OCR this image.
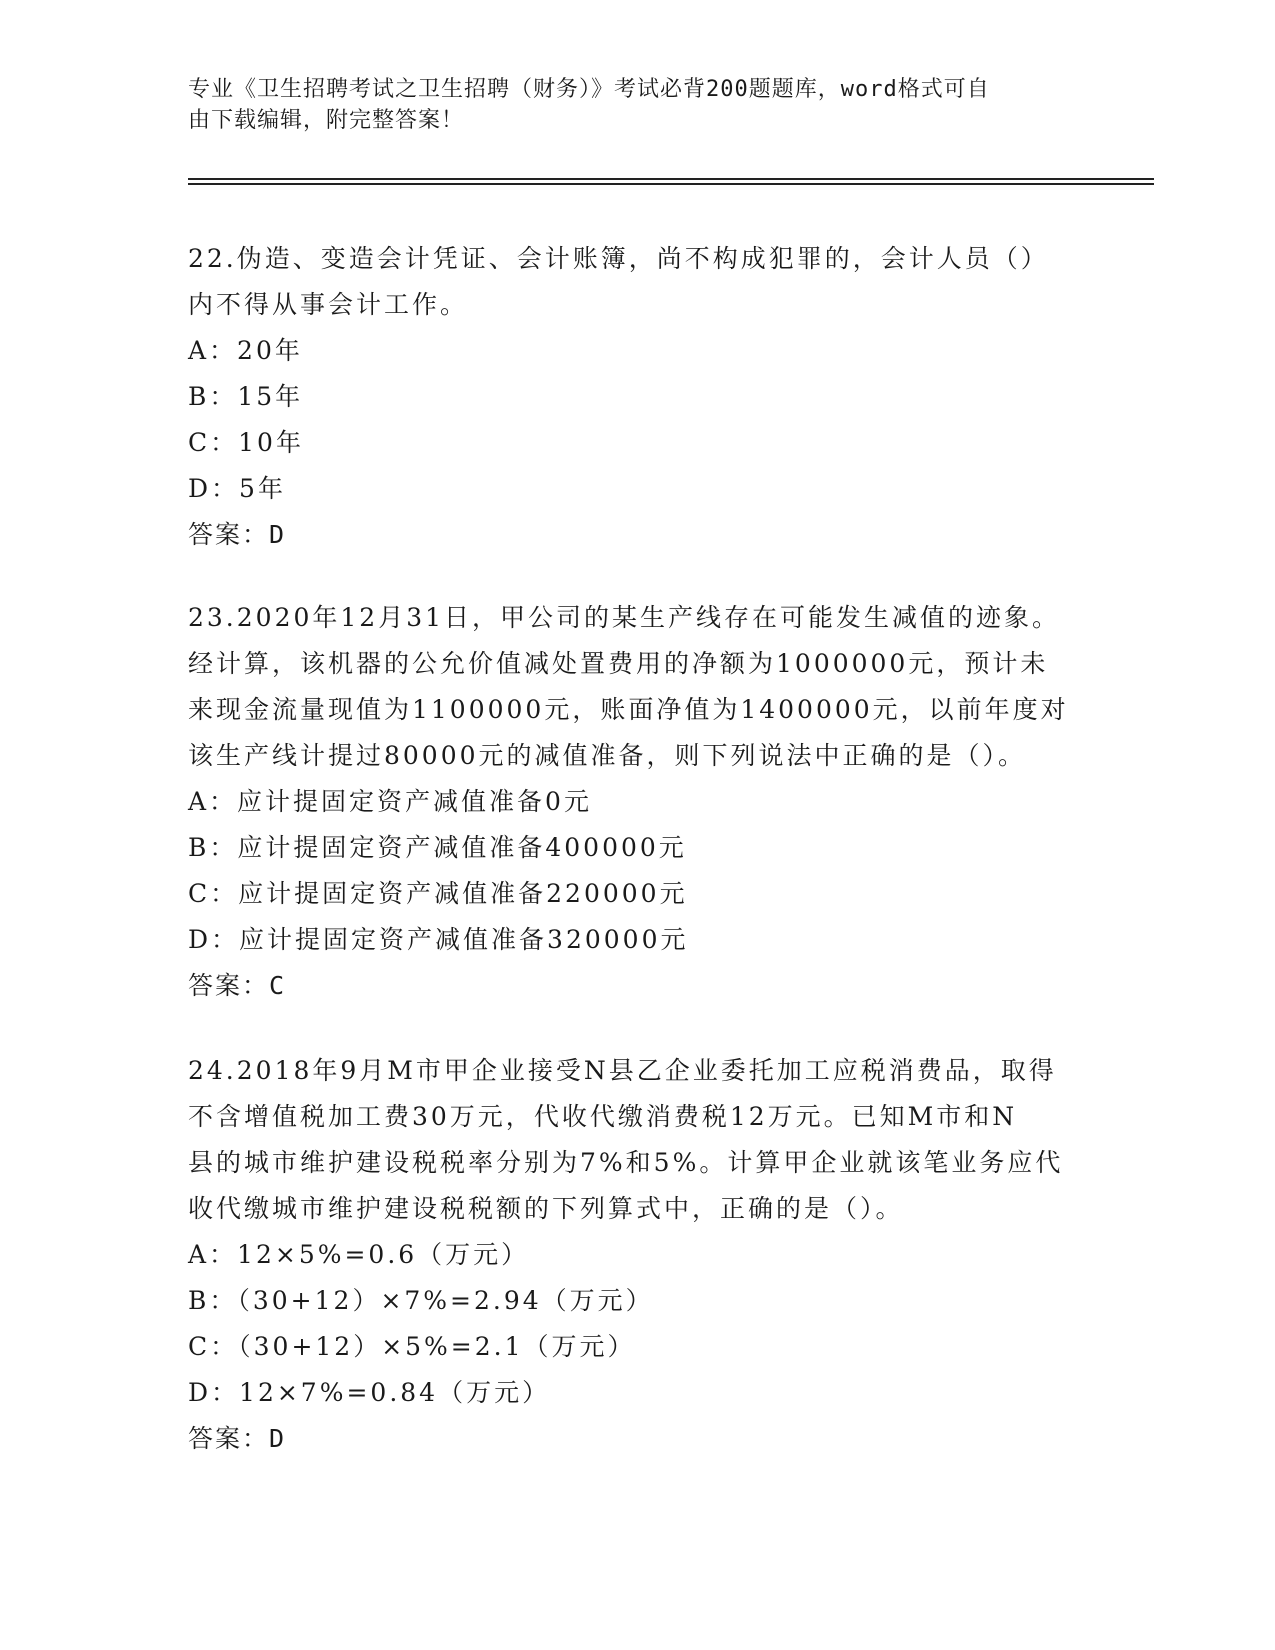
专业《卫生招聘考试之卫生招聘（财务）》考试必背200题题库，word格式可自
由下载编辑，附完整答案！

22.伪造、变造会计凭证、会计账簿，尚不构成犯罪的，会计人员（）

内不得从事会计工作。

A：20年

B：15年

C：10年

D：5年

答案：D

23.2020年12月31日，甲公司的某生产线存在可能发生减值的迹象。

经计算，该机器的公允价值减处置费用的净额为1000000元，预计未

来现金流量现值为1100000元，账面净值为1400000元，以前年度对

该生产线计提过80000元的减值准备，则下列说法中正确的是（）。

A：应计提固定资产减值准备0元

B：应计提固定资产减值准备400000元

C：应计提固定资产减值准备220000元

D：应计提固定资产减值准备320000元

答案：C

24.2018年9月M市甲企业接受N县乙企业委托加工应税消费品，取得

不含增值税加工费30万元，代收代缴消费税12万元。已知M市和N

县的城市维护建设税税率分别为7%和5%。计算甲企业就该笔业务应代

收代缴城市维护建设税税额的下列算式中，正确的是（）。

A：12×5%=0.6（万元）

B：（30+12）×7%=2.94（万元）

C：（30+12）×5%=2.1（万元）

D：12×7%=0.84（万元）

答案：D
